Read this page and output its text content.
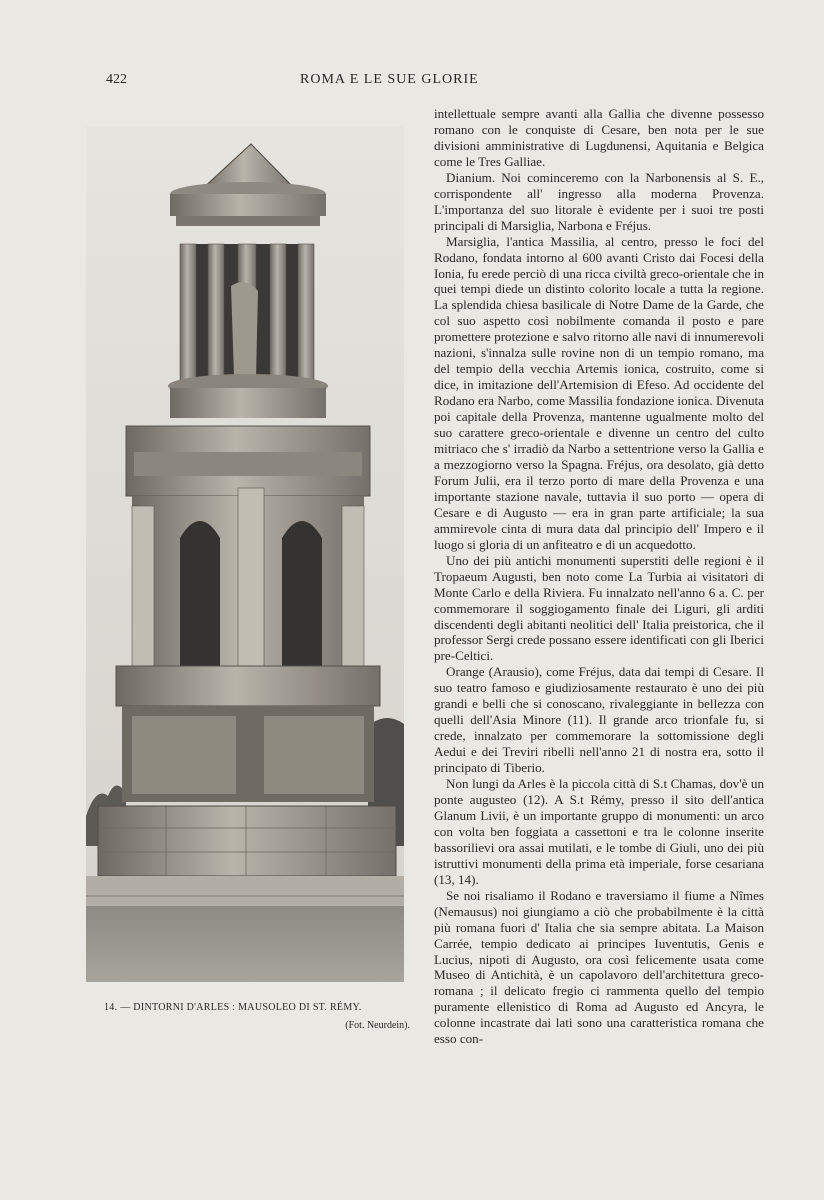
422	ROMA E LE SUE GLORIE
14. — DINTORNI D'ARLES : MAUSOLEO DI ST. RÉMY.
(Fot. Neurdein).

intellettuale sempre avanti alla Gallia che divenne possesso romano con le conquiste di Cesare, ben nota per le sue divisioni amministrative di Lugdunensi, Aquitania e Belgica come le Tres Galliae.

Dianium. Noi cominceremo con la Narbonensis al S. E., corrispondente all' ingresso alla moderna Provenza. L'importanza del suo litorale è evidente per i suoi tre posti principali di Marsiglia, Narbona e Fréjus.

Marsiglia, l'antica Massilia, al centro, presso le foci del Rodano, fondata intorno al 600 avanti Cristo dai Focesi della Ionia, fu erede perciò di una ricca civiltà greco-orientale che in quei tempi diede un distinto colorito locale a tutta la regione. La splendida chiesa basilicale di Notre Dame de la Garde, che col suo aspetto così nobilmente comanda il posto e pare promettere protezione e salvo ritorno alle navi di innumerevoli nazioni, s'innalza sulle rovine non di un tempio romano, ma del tempio della vecchia Artemis ionica, costruito, come si dice, in imitazione dell'Artemision di Efeso. Ad occidente del Rodano era Narbo, come Massilia fondazione ionica. Divenuta poi capitale della Provenza, mantenne ugualmente molto del suo carattere greco-orientale e divenne un centro del culto mitriaco che s' irradiò da Narbo a settentrione verso la Gallia e a mezzogiorno verso la Spagna. Fréjus, ora desolato, già detto Forum Julii, era il terzo porto di mare della Provenza e una importante stazione navale, tuttavia il suo porto — opera di Cesare e di Augusto — era in gran parte artificiale; la sua ammirevole cinta di mura data dal principio dell' Impero e il luogo si gloria di un anfiteatro e di un acquedotto.

Uno dei più antichi monumenti superstiti delle regioni è il Tropaeum Augusti, ben noto come La Turbia ai visitatori di Monte Carlo e della Riviera. Fu innalzato nell'anno 6 a. C. per commemorare il soggiogamento finale dei Liguri, gli arditi discendenti degli abitanti neolitici dell' Italia preistorica, che il professor Sergi crede possano essere identificati con gli Iberici pre-Celtici.

Orange (Arausio), come Fréjus, data dai tempi di Cesare. Il suo teatro famoso e giudiziosamente restaurato è uno dei più grandi e belli che si conoscano, rivaleggiante in bellezza con quelli dell'Asia Minore (11). Il grande arco trionfale fu, si crede, innalzato per commemorare la sottomissione degli Aedui e dei Treviri ribelli nell'anno 21 di nostra era, sotto il principato di Tiberio.

Non lungi da Arles è la piccola città di S.t Chamas, dov'è un ponte augusteo (12). A S.t Rémy, presso il sito dell'antica Glanum Livii, è un importante gruppo di monumenti: un arco con volta ben foggiata a cassettoni e tra le colonne inserite bassorilievi ora assai mutilati, e le tombe di Giuli, uno dei più istruttivi monumenti della prima età imperiale, forse cesariana (13, 14).

Se noi risaliamo il Rodano e traversiamo il fiume a Nîmes (Nemausus) noi giungiamo a ciò che probabilmente è la città più romana fuori d' Italia che sia sempre abitata. La Maison Carrée, tempio dedicato ai principes Iuventutis, Genis e Lucius, nipoti di Augusto, ora così felicemente usata come Museo di Antichità, è un capolavoro dell'architettura greco-romana ; il delicato fregio ci rammenta quello del tempio puramente ellenistico di Roma ad Augusto ed Ancyra, le colonne incastrate dai lati sono una caratteristica romana che esso con-
